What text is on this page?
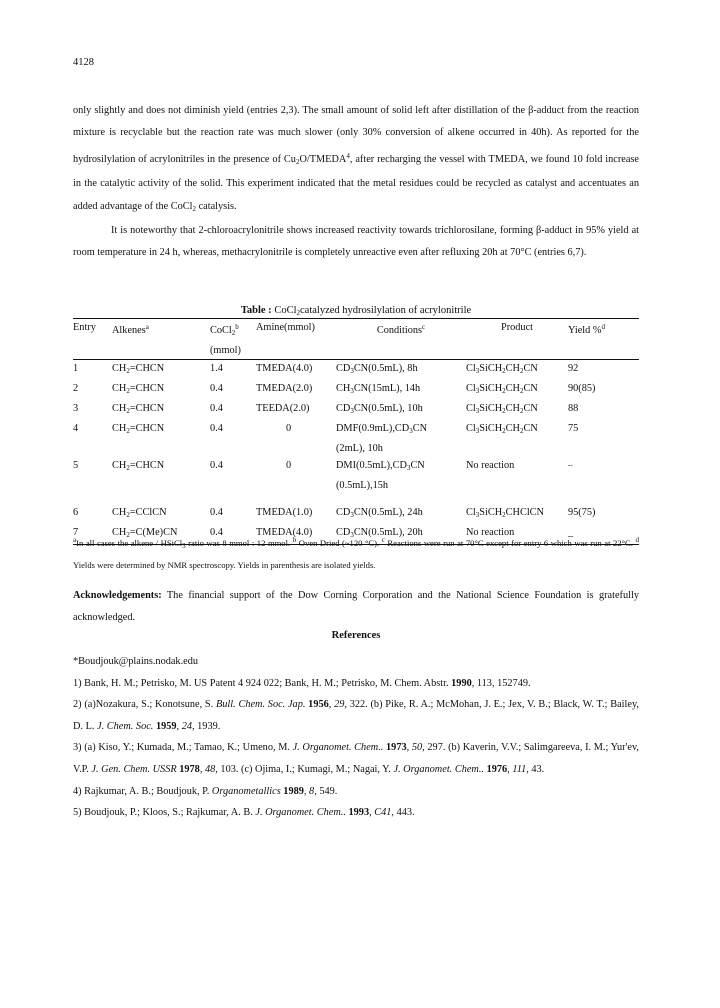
4128

only slightly and does not diminish yield (entries 2,3). The small amount of solid left after distillation of the β-adduct from the reaction mixture is recyclable but the reaction rate was much slower (only 30% conversion of alkene occurred in 40h). As reported for the hydrosilylation of acrylonitriles in the presence of $Cu_2O/TMEDA^4$, after recharging the vessel with TMEDA, we found 10 fold increase in the catalytic activity of the solid. This experiment indicated that the metal residues could be recycled as catalyst and accentuates an added advantage of the CoCl$_2$ catalysis.

It is noteworthy that 2-chloroacrylonitrile shows increased reactivity towards trichlorosilane, forming β-adduct in 95% yield at room temperature in 24 h, whereas, methacrylonitrile is completely unreactive even after refluxing 20h at 70°C (entries 6,7).

Table : CoCl$_2$catalyzed hydrosilylation of acrylonitrile
Entry	Alkenes$^a$	CoCl$_2^b$	Amine(mmol)	Conditions$^c$	Product	Yield %$^d$
		(mmol)				
1	$CH_2=CHCN$	1.4	TMEDA(4.0)	$CD_3CN(0.5mL)$, 8h	$Cl_3SiCH_2CH_2CN$	92
2	$CH_2=CHCN$	0.4	TMEDA(2.0)	$CH_3CN(15mL)$, 14h	$Cl_3SiCH_2CH_2CN$	90(85)
3	$CH_2=CHCN$	0.4	TEEDA(2.0)	$CD_3CN(0.5mL)$, 10h	$Cl_3SiCH_2CH_2CN$	88
4	$CH_2=CHCN$	0.4	0	$DMF(0.9mL),CD_3CN$	$Cl_3SiCH_2CH_2CN$	75
				(2mL), 10h		
5	$CH_2=CHCN$	0.4	0	$DMI(0.5mL),CD_3CN$	No reaction	--
				(0.5mL),15h		

6	$CH_2=CClCN$	0.4	TMEDA(1.0)	$CD_3CN(0.5mL)$, 24h	$Cl_3SiCH_2CHClCN$	95(75)
7	$CH_2=C(Me)CN$	0.4	TMEDA(4.0)	$CD_3CN(0.5mL)$, 20h	No reaction	_

$^a$In all cases the alkene / HSiCl$_3$ ratio was 8 mmol : 12 mmol. $^b$ Oven Dried (~120 °C). $^c$ Reactions were run at 70°C except for entry 6 which was run at 22°C. $^d$ Yields were determined by NMR spectroscopy. Yields in parenthesis are isolated yields.

Acknowledgements: The financial support of the Dow Corning Corporation and the National Science Foundation is gratefully acknowledged.
References

*Boudjouk@plains.nodak.edu

1) Bank, H. M.; Petrisko, M. US Patent 4 924 022; Bank, H. M.; Petrisko, M. Chem. Abstr. 1990, 113, 152749.

2) (a)Nozakura, S.; Konotsune, S. Bull. Chem. Soc. Jap. 1956, 29, 322. (b) Pike, R. A.; McMohan, J. E.; Jex, V. B.; Black, W. T.; Bailey, D. L. J. Chem. Soc. 1959, 24, 1939.

3) (a) Kiso, Y.; Kumada, M.; Tamao, K.; Umeno, M. J. Organomet. Chem.. 1973, 50, 297. (b) Kaverin, V.V.; Salimgareeva, I. M.; Yur'ev, V.P. J. Gen. Chem. USSR 1978, 48, 103. (c) Ojima, I.; Kumagi, M.; Nagai, Y. J. Organomet. Chem.. 1976, 111, 43.

4) Rajkumar, A. B.; Boudjouk, P. Organometallics 1989, 8, 549.

5) Boudjouk, P.; Kloos, S.; Rajkumar, A. B. J. Organomet. Chem.. 1993, C41, 443.
